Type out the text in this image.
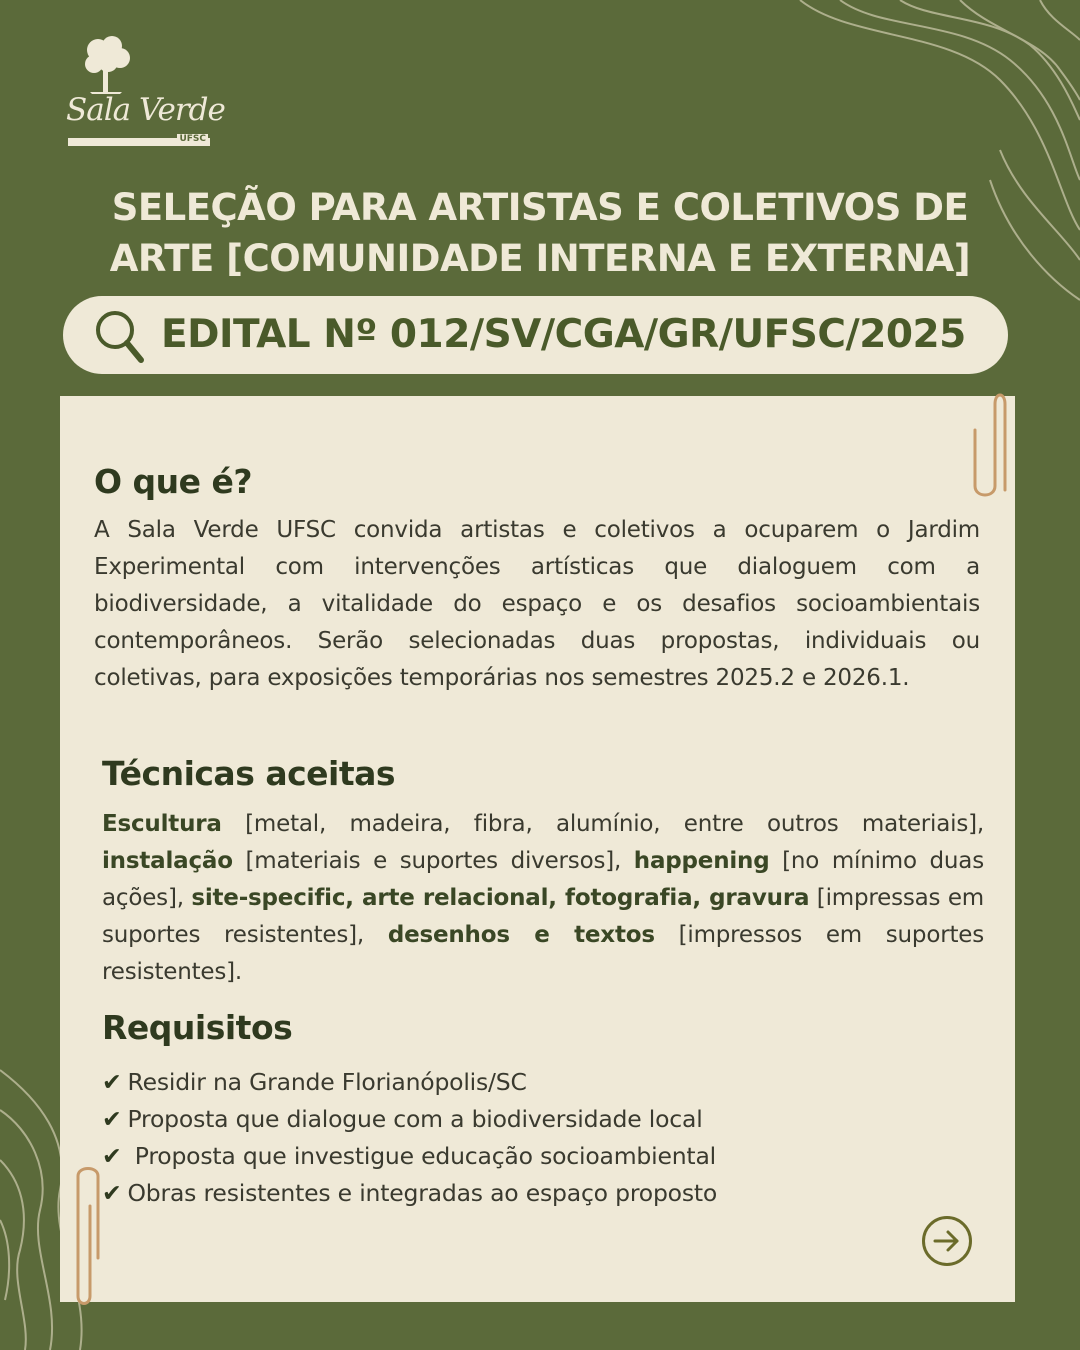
Sala Verde
UFSC
SELEÇÃO PARA ARTISTAS E COLETIVOS DE
ARTE [COMUNIDADE INTERNA E EXTERNA]
EDITAL Nº 012/SV/CGA/GR/UFSC/2025
O que é?
A Sala Verde UFSC convida artistas e coletivos a ocuparem o Jardim Experimental com intervenções artísticas que dialoguem com a biodiversidade, a vitalidade do espaço e os desafios socioambientais contemporâneos. Serão selecionadas duas propostas, individuais ou coletivas, para exposições temporárias nos semestres 2025.2 e 2026.1.
Técnicas aceitas
Escultura [metal, madeira, fibra, alumínio, entre outros materiais], instalação [materiais e suportes diversos], happening [no mínimo duas ações], site-specific, arte relacional, fotografia, gravura [impressas em suportes resistentes], desenhos e textos [impressos em suportes resistentes].
Requisitos
✔ Residir na Grande Florianópolis/SC
✔ Proposta que dialogue com a biodiversidade local
✔ Proposta que investigue educação socioambiental
✔ Obras resistentes e integradas ao espaço proposto
